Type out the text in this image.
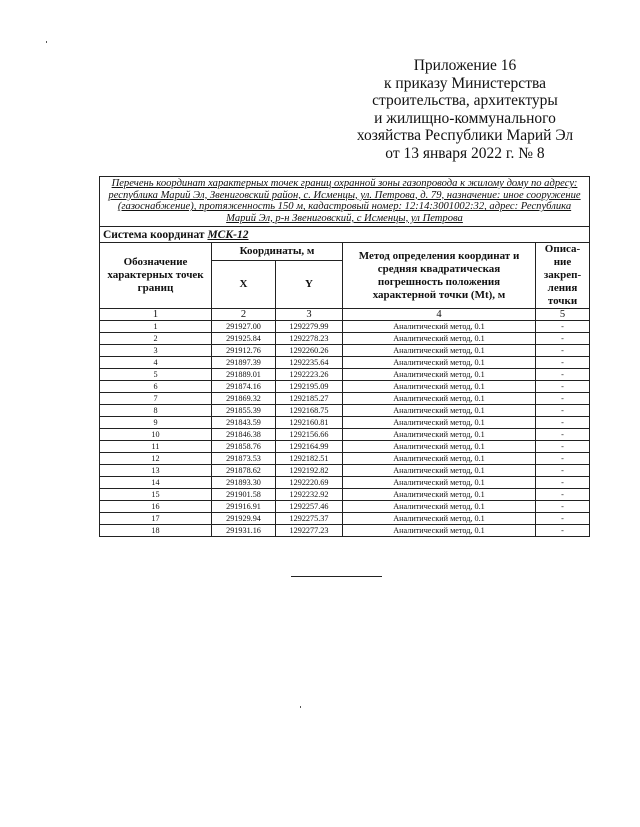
Приложение 16
к приказу Министерства
строительства, архитектуры
и жилищно-коммунального
хозяйства Республики Марий Эл
от 13 января 2022 г. № 8
Перечень координат характерных точек границ охранной зоны газопровода к жилому дому по адресу: республика Марий Эл, Звениговский район, с. Исменцы, ул. Петрова, д. 79, назначение: иное сооружение (газоснабжение), протяженность 150 м, кадастровый номер: 12:14:3001002:32, адрес: Республика Марий Эл, р-н Звениговский, с Исменцы, ул Петрова				
Система координат МСК-12				
Обозначение характерных точек границ	Координаты, м		Метод определения координат и средняя квадратическая погрешность положения характерной точки (Mt), м	Описа-ние закреп-ления точки
	X	Y		
1	2	3	4	5
1	291927.00	1292279.99	Аналитический метод, 0.1	-
2	291925.84	1292278.23	Аналитический метод, 0.1	-
3	291912.76	1292260.26	Аналитический метод, 0.1	-
4	291897.39	1292235.64	Аналитический метод, 0.1	-
5	291889.01	1292223.26	Аналитический метод, 0.1	-
6	291874.16	1292195.09	Аналитический метод, 0.1	-
7	291869.32	1292185.27	Аналитический метод, 0.1	-
8	291855.39	1292168.75	Аналитический метод, 0.1	-
9	291843.59	1292160.81	Аналитический метод, 0.1	-
10	291846.38	1292156.66	Аналитический метод, 0.1	-
11	291858.76	1292164.99	Аналитический метод, 0.1	-
12	291873.53	1292182.51	Аналитический метод, 0.1	-
13	291878.62	1292192.82	Аналитический метод, 0.1	-
14	291893.30	1292220.69	Аналитический метод, 0.1	-
15	291901.58	1292232.92	Аналитический метод, 0.1	-
16	291916.91	1292257.46	Аналитический метод, 0.1	-
17	291929.94	1292275.37	Аналитический метод, 0.1	-
18	291931.16	1292277.23	Аналитический метод, 0.1	-
